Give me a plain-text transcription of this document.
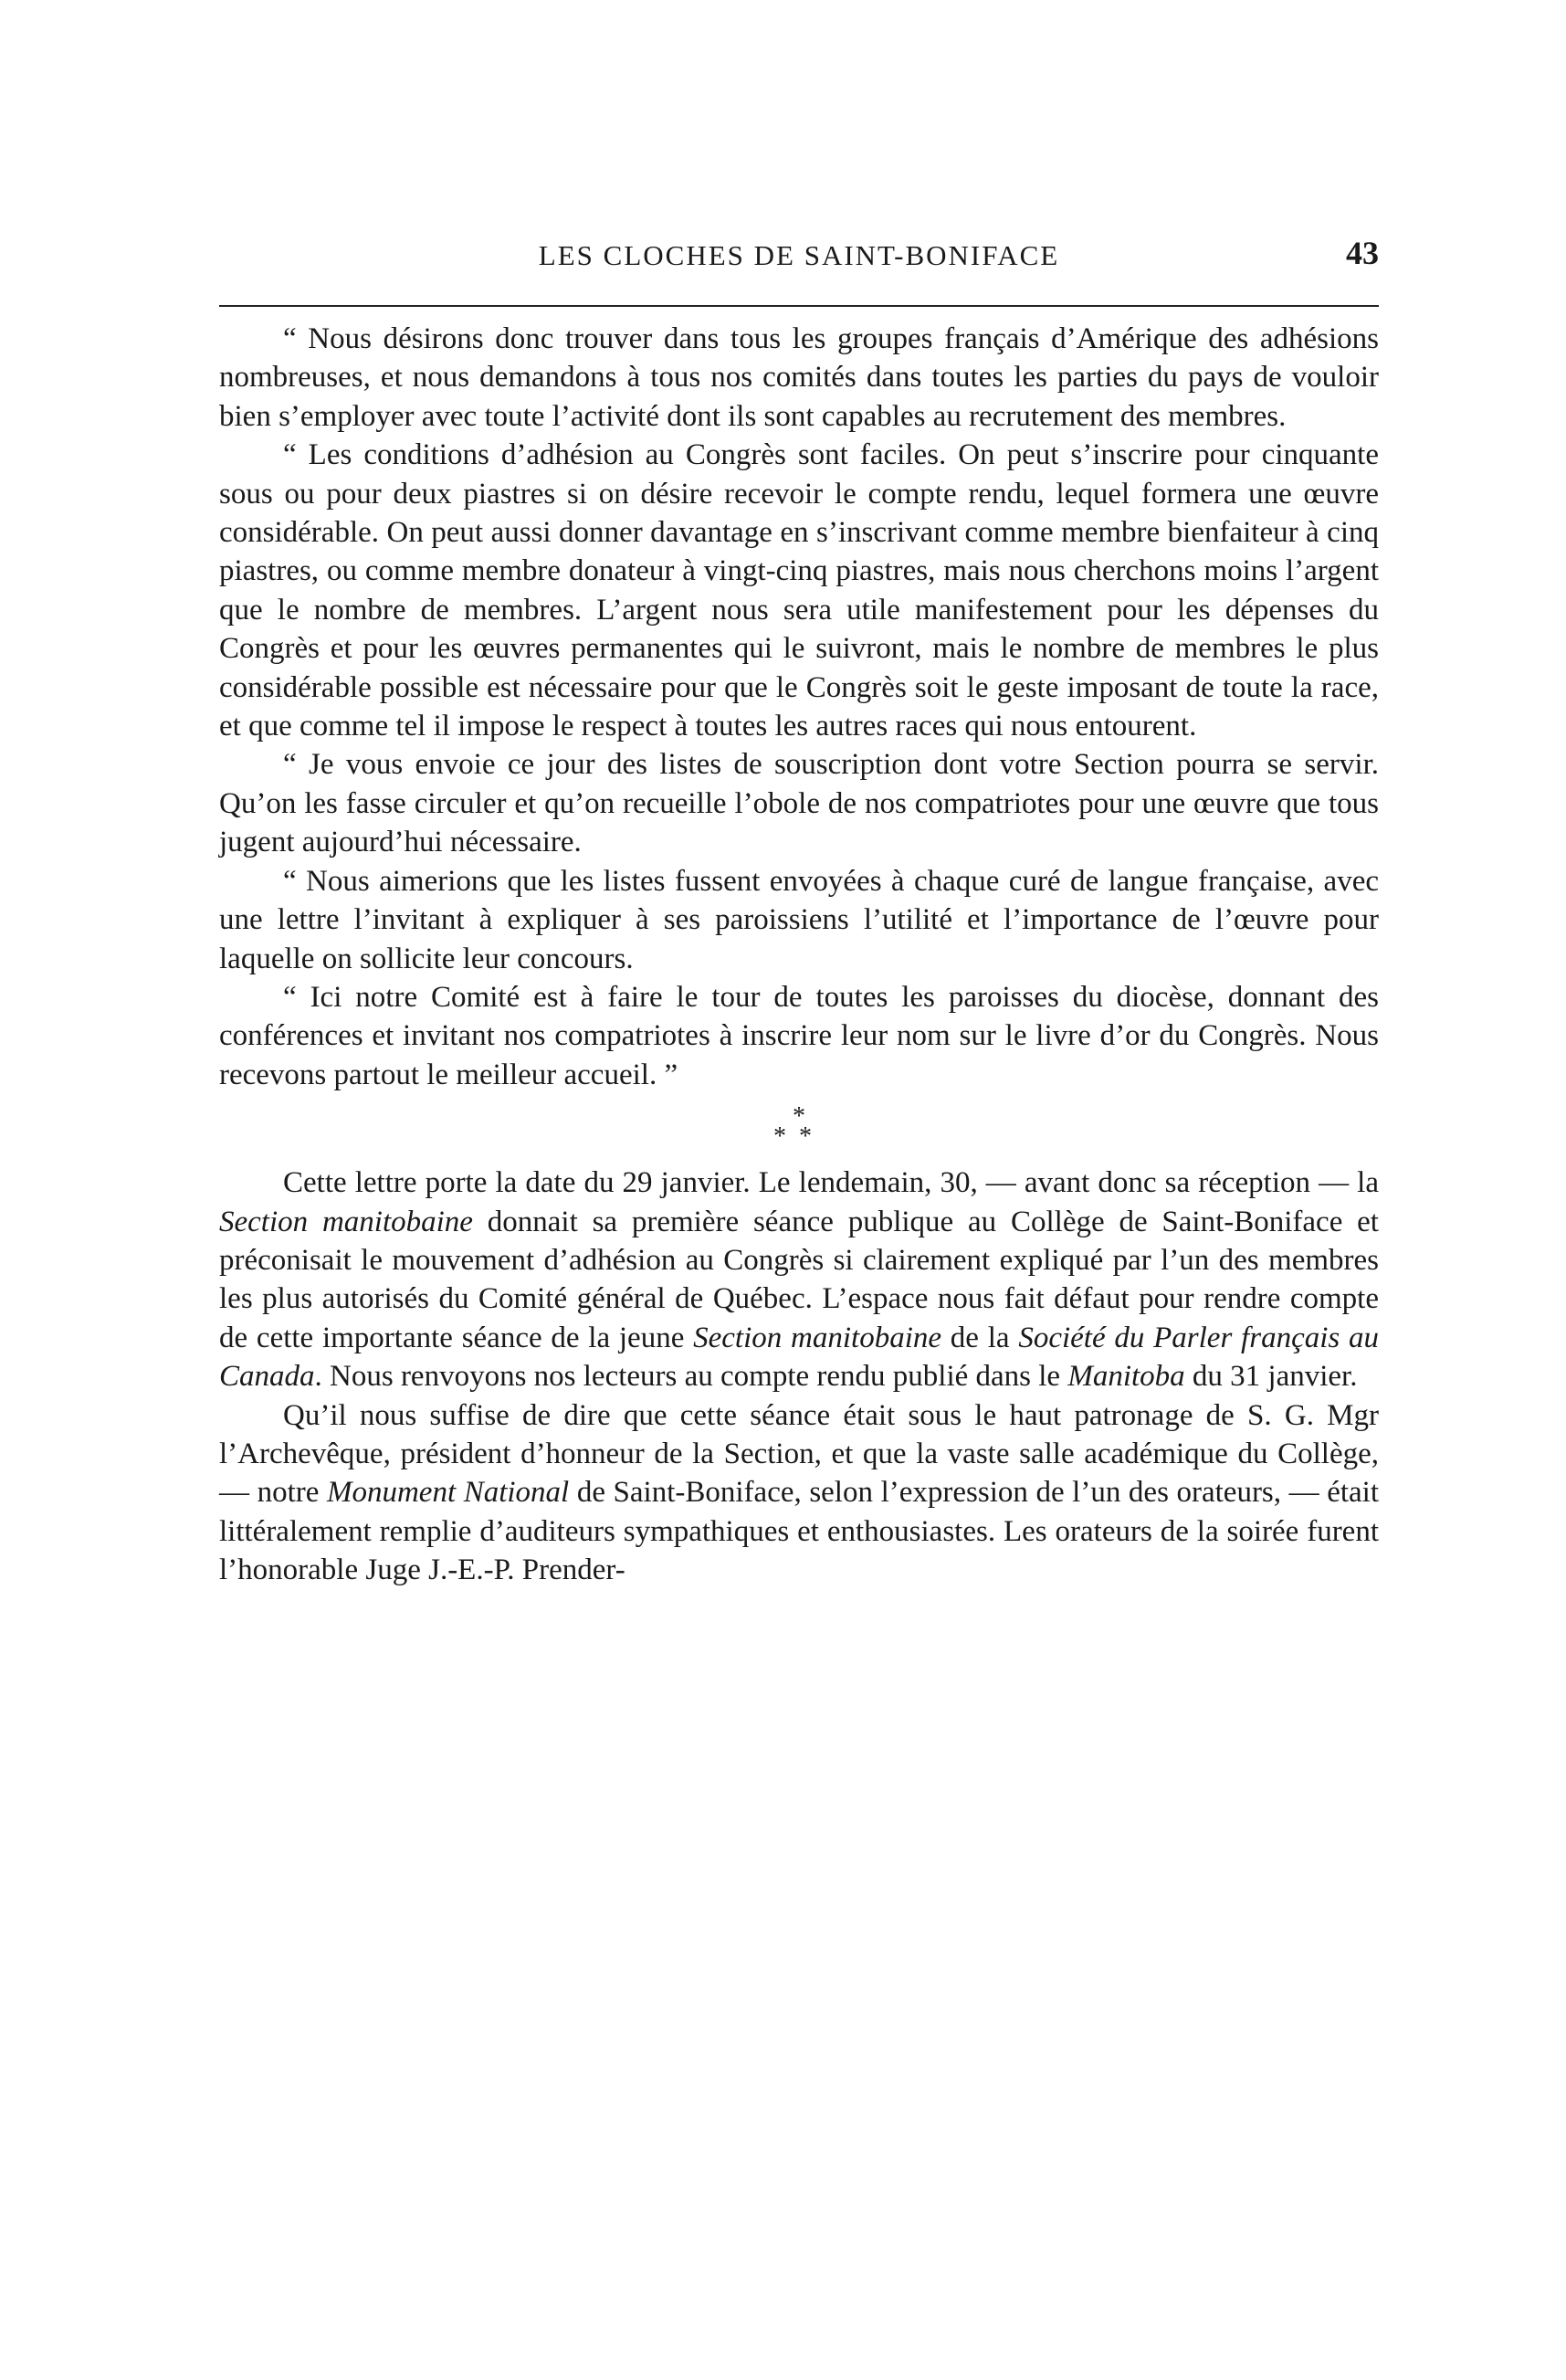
LES CLOCHES DE SAINT-BONIFACE	43

“ Nous désirons donc trouver dans tous les groupes français d’Amérique des adhésions nombreuses, et nous demandons à tous nos comités dans toutes les parties du pays de vouloir bien s’employer avec toute l’activité dont ils sont capables au recrutement des membres.

“ Les conditions d’adhésion au Congrès sont faciles. On peut s’inscrire pour cinquante sous ou pour deux piastres si on désire recevoir le compte rendu, lequel formera une œuvre considérable. On peut aussi donner davantage en s’inscrivant comme membre bienfaiteur à cinq piastres, ou comme membre donateur à vingt-cinq piastres, mais nous cherchons moins l’argent que le nombre de membres. L’argent nous sera utile manifestement pour les dépenses du Congrès et pour les œuvres permanentes qui le suivront, mais le nombre de membres le plus considérable possible est nécessaire pour que le Congrès soit le geste imposant de toute la race, et que comme tel il impose le respect à toutes les autres races qui nous entourent.

“ Je vous envoie ce jour des listes de souscription dont votre Section pourra se servir. Qu’on les fasse circuler et qu’on recueille l’obole de nos compatriotes pour une œuvre que tous jugent aujourd’hui nécessaire.

“ Nous aimerions que les listes fussent envoyées à chaque curé de langue française, avec une lettre l’invitant à expliquer à ses paroissiens l’utilité et l’importance de l’œuvre pour laquelle on sollicite leur concours.

“ Ici notre Comité est à faire le tour de toutes les paroisses du diocèse, donnant des conférences et invitant nos compatriotes à inscrire leur nom sur le livre d’or du Congrès. Nous recevons partout le meilleur accueil. ”

*
**

Cette lettre porte la date du 29 janvier. Le lendemain, 30, — avant donc sa réception — la Section manitobaine donnait sa première séance publique au Collège de Saint-Boniface et préconisait le mouvement d’adhésion au Congrès si clairement expliqué par l’un des membres les plus autorisés du Comité général de Québec. L’espace nous fait défaut pour rendre compte de cette importante séance de la jeune Section manitobaine de la Société du Parler français au Canada. Nous renvoyons nos lecteurs au compte rendu publié dans le Manitoba du 31 janvier.

Qu’il nous suffise de dire que cette séance était sous le haut patronage de S. G. Mgr l’Archevêque, président d’honneur de la Section, et que la vaste salle académique du Collège, — notre Monument National de Saint-Boniface, selon l’expression de l’un des orateurs, — était littéralement remplie d’auditeurs sympathiques et enthousiastes. Les orateurs de la soirée furent l’honorable Juge J.-E.-P. Prender-
